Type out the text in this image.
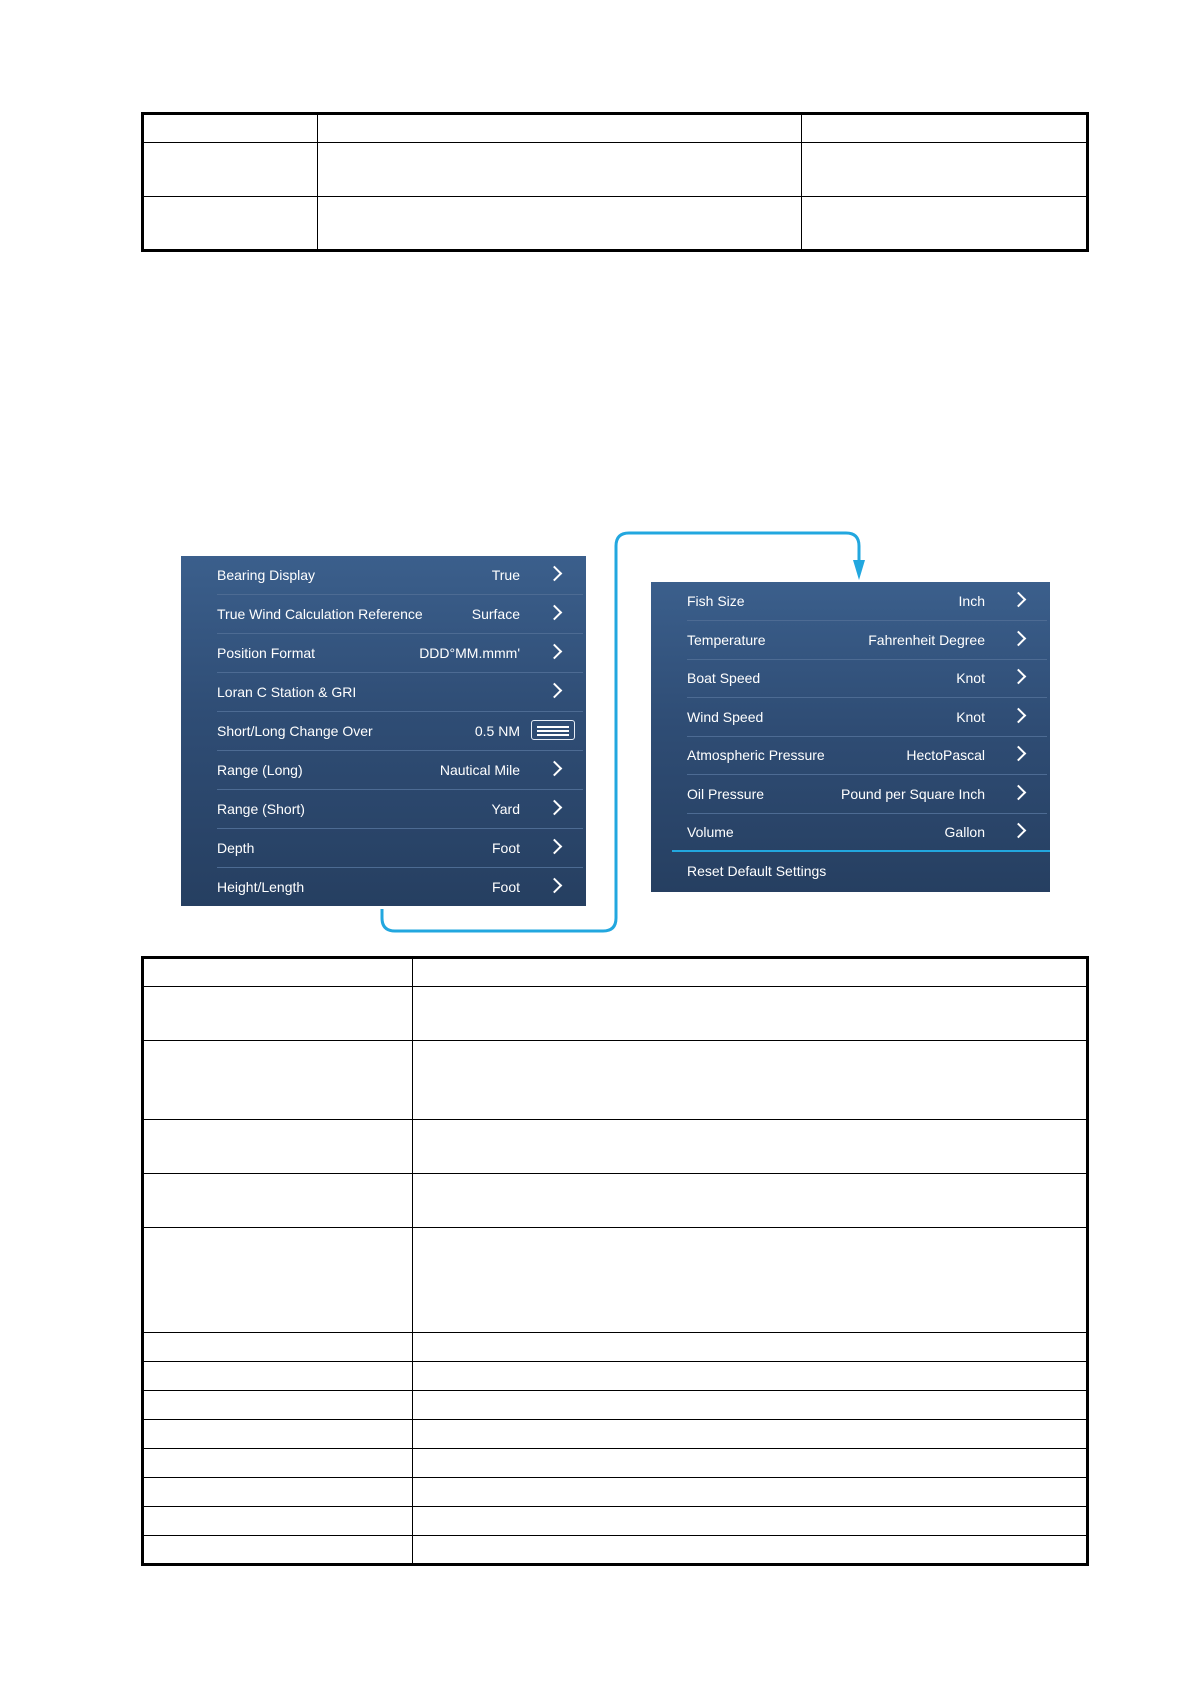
Bearing Display	True
True Wind Calculation Reference	Surface
Position Format	DDD°MM.mmm'
Loran C Station & GRI
Short/Long Change Over	0.5 NM
Range (Long)	Nautical Mile
Range (Short)	Yard
Depth	Foot
Height/Length	Foot
Fish Size	Inch
Temperature	Fahrenheit Degree
Boat Speed	Knot
Wind Speed	Knot
Atmospheric Pressure	HectoPascal
Oil Pressure	Pound per Square Inch
Volume	Gallon
Reset Default Settings
